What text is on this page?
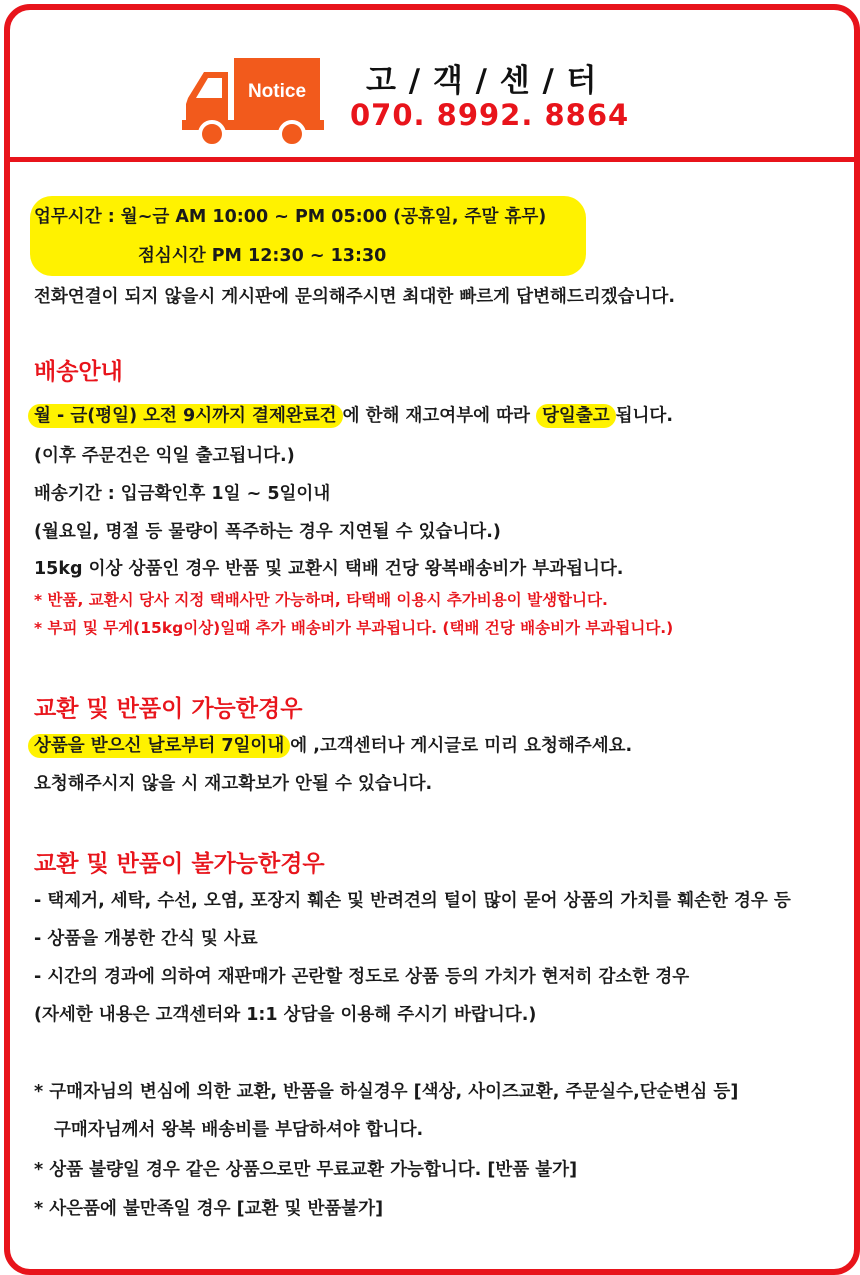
Notice 고 / 객 / 센 / 터
070. 8992. 8864
업무시간 : 월~금 AM 10:00 ~ PM 05:00 (공휴일, 주말 휴무)
점심시간 PM 12:30 ~ 13:30
전화연결이 되지 않을시 게시판에 문의해주시면 최대한 빠르게 답변해드리겠습니다.
배송안내
월 - 금(평일) 오전 9시까지 결제완료건 에 한해 재고여부에 따라 당일출고 됩니다.
(이후 주문건은 익일 출고됩니다.)
배송기간 : 입금확인후 1일 ~ 5일이내
(월요일, 명절 등 물량이 폭주하는 경우 지연될 수 있습니다.)
15kg 이상 상품인 경우 반품 및 교환시 택배 건당 왕복배송비가 부과됩니다.
* 반품, 교환시 당사 지정 택배사만 가능하며, 타택배 이용시 추가비용이 발생합니다.
* 부피 및 무게(15kg이상)일때 추가 배송비가 부과됩니다. (택배 건당 배송비가 부과됩니다.)
교환 및 반품이 가능한경우
상품을 받으신 날로부터 7일이내 에 ,고객센터나 게시글로 미리 요청해주세요.
요청해주시지 않을 시 재고확보가 안될 수 있습니다.
교환 및 반품이 불가능한경우
- 택제거, 세탁, 수선, 오염, 포장지 훼손 및 반려견의 털이 많이 묻어 상품의 가치를 훼손한 경우 등
- 상품을 개봉한 간식 및 사료
- 시간의 경과에 의하여 재판매가 곤란할 정도로 상품 등의 가치가 현저히 감소한 경우
(자세한 내용은 고객센터와 1:1 상담을 이용해 주시기 바랍니다.)
* 구매자님의 변심에 의한 교환, 반품을 하실경우 [색상, 사이즈교환, 주문실수,단순변심 등]
구매자님께서 왕복 배송비를 부담하셔야 합니다.
* 상품 불량일 경우 같은 상품으로만 무료교환 가능합니다. [반품 불가]
* 사은품에 불만족일 경우 [교환 및 반품불가]
